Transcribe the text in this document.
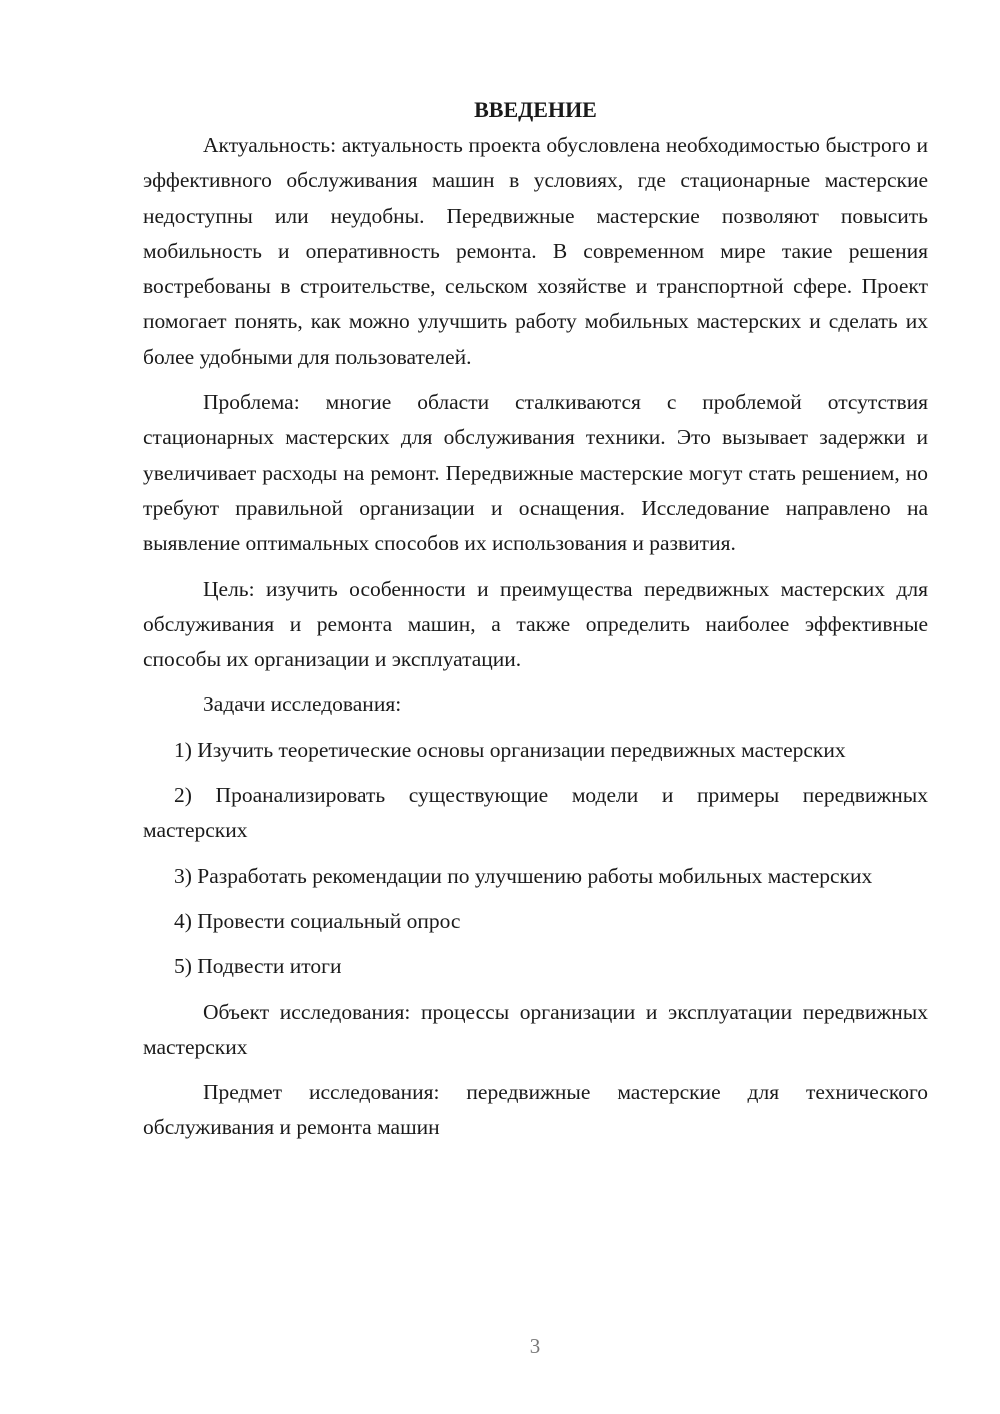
ВВЕДЕНИЕ

Актуальность: актуальность проекта обусловлена необходимостью быстрого и эффективного обслуживания машин в условиях, где стационарные мастерские недоступны или неудобны. Передвижные мастерские позволяют повысить мобильность и оперативность ремонта. В современном мире такие решения востребованы в строительстве, сельском хозяйстве и транспортной сфере. Проект помогает понять, как можно улучшить работу мобильных мастерских и сделать их более удобными для пользователей.

Проблема: многие области сталкиваются с проблемой отсутствия стационарных мастерских для обслуживания техники. Это вызывает задержки и увеличивает расходы на ремонт. Передвижные мастерские могут стать решением, но требуют правильной организации и оснащения. Исследование направлено на выявление оптимальных способов их использования и развития.

Цель: изучить особенности и преимущества передвижных мастерских для обслуживания и ремонта машин, а также определить наиболее эффективные способы их организации и эксплуатации.

Задачи исследования:

1) Изучить теоретические основы организации передвижных мастерских

2) Проанализировать существующие модели и примеры передвижных мастерских

3) Разработать рекомендации по улучшению работы мобильных мастерских

4) Провести социальный опрос

5) Подвести итоги

Объект исследования: процессы организации и эксплуатации передвижных мастерских

Предмет исследования: передвижные мастерские для технического обслуживания и ремонта машин

3
